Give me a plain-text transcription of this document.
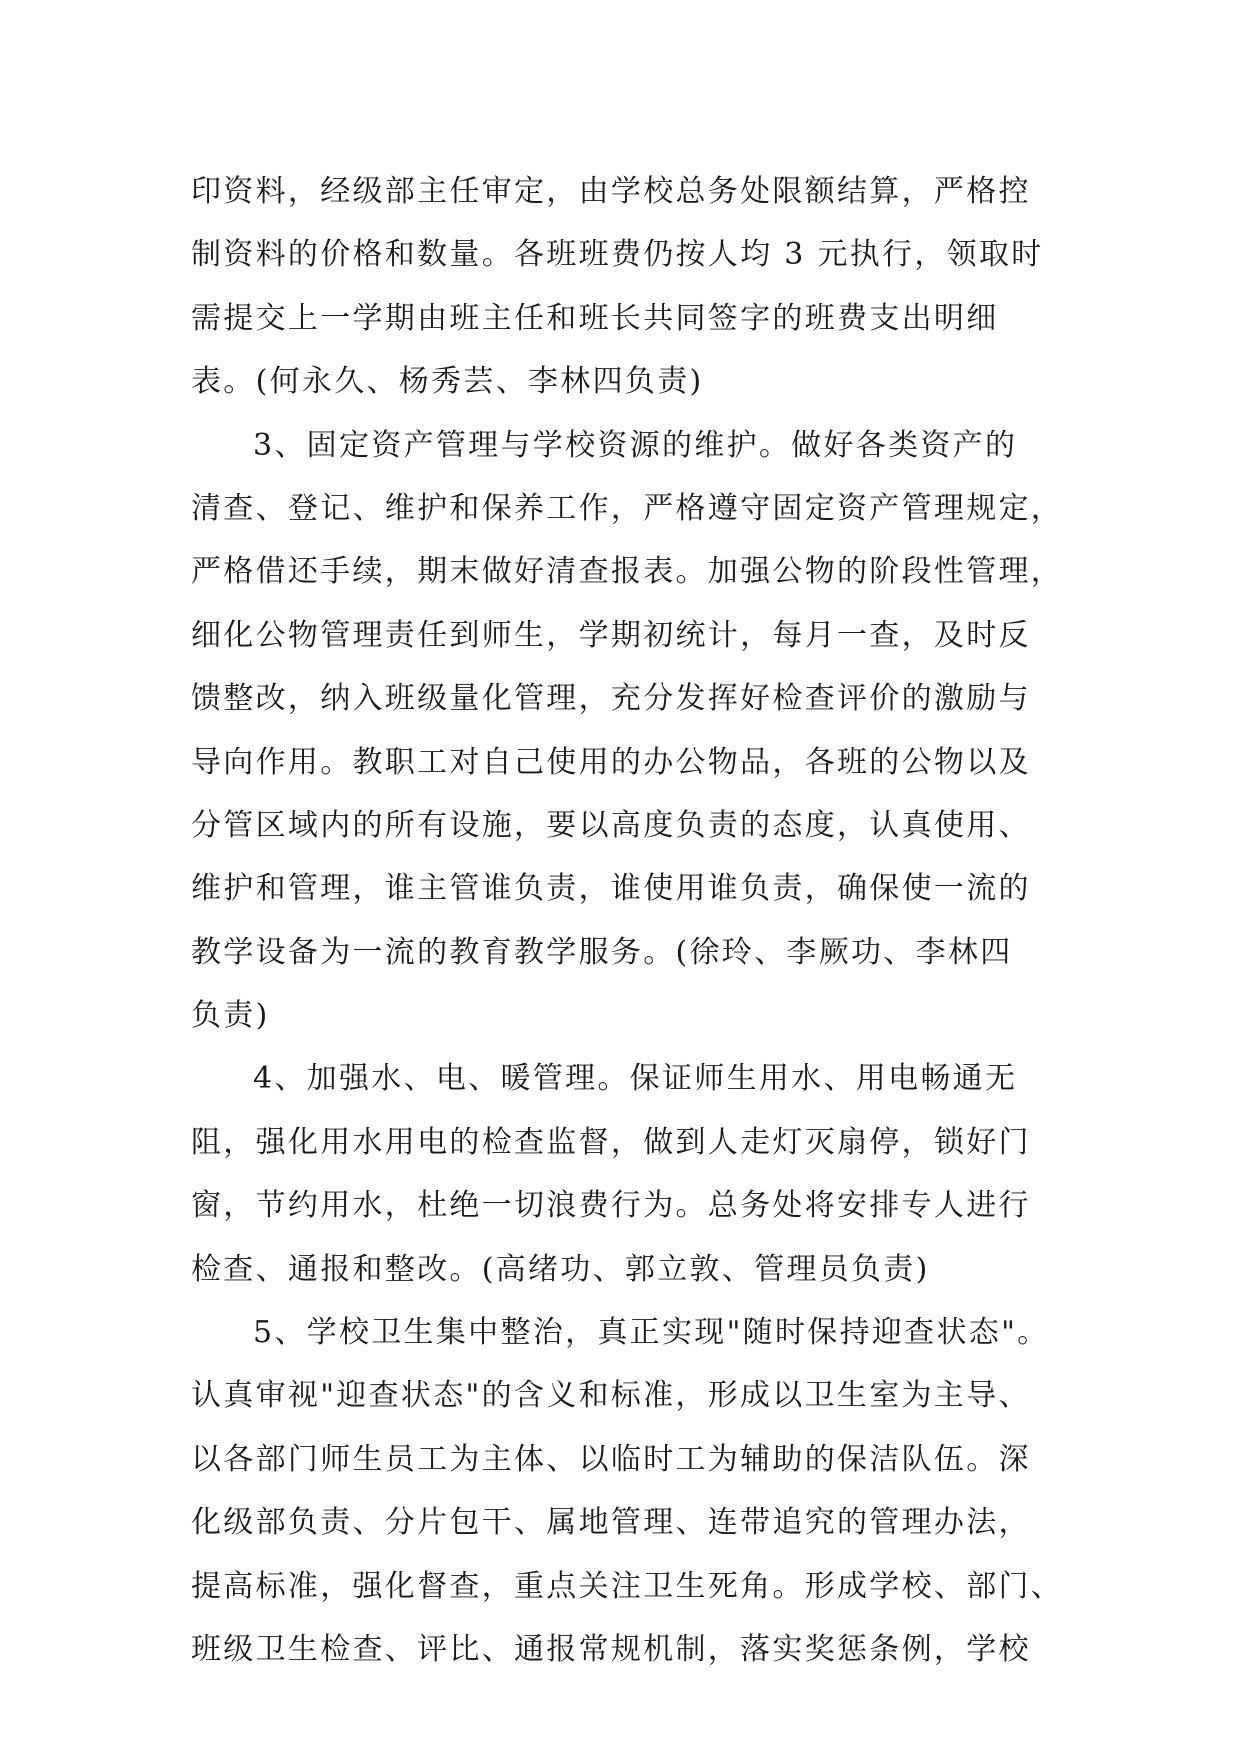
印资料，经级部主任审定，由学校总务处限额结算，严格控
制资料的价格和数量。各班班费仍按人均 3 元执行，领取时
需提交上一学期由班主任和班长共同签字的班费支出明细
表。(何永久、杨秀芸、李林四负责)
3、固定资产管理与学校资源的维护。做好各类资产的
清查、登记、维护和保养工作，严格遵守固定资产管理规定，
严格借还手续，期末做好清查报表。加强公物的阶段性管理，
细化公物管理责任到师生，学期初统计，每月一查，及时反
馈整改，纳入班级量化管理，充分发挥好检查评价的激励与
导向作用。教职工对自己使用的办公物品，各班的公物以及
分管区域内的所有设施，要以高度负责的态度，认真使用、
维护和管理，谁主管谁负责，谁使用谁负责，确保使一流的
教学设备为一流的教育教学服务。(徐玲、李厥功、李林四
负责)
4、加强水、电、暖管理。保证师生用水、用电畅通无
阻，强化用水用电的检查监督，做到人走灯灭扇停，锁好门
窗，节约用水，杜绝一切浪费行为。总务处将安排专人进行
检查、通报和整改。(高绪功、郭立敦、管理员负责)
5、学校卫生集中整治，真正实现"随时保持迎查状态"。
认真审视"迎查状态"的含义和标准，形成以卫生室为主导、
以各部门师生员工为主体、以临时工为辅助的保洁队伍。深
化级部负责、分片包干、属地管理、连带追究的管理办法，
提高标准，强化督查，重点关注卫生死角。形成学校、部门、
班级卫生检查、评比、通报常规机制，落实奖惩条例，学校
